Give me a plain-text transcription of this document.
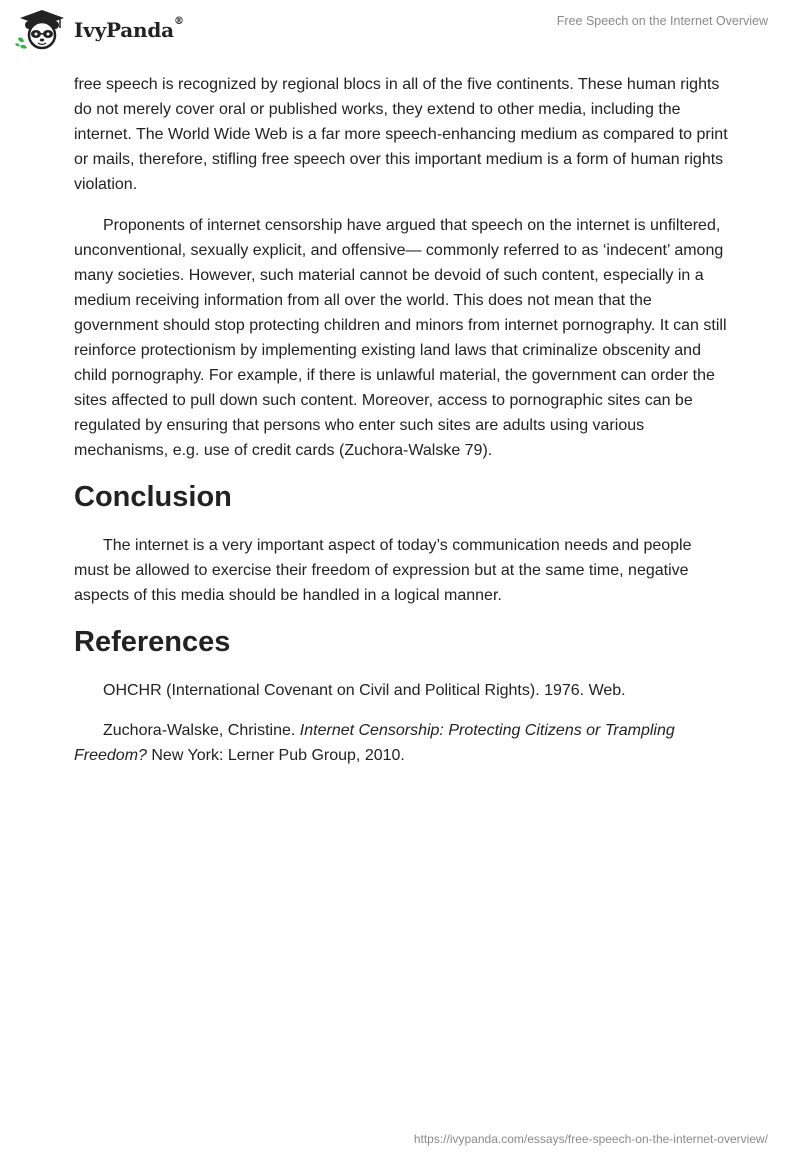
IvyPanda®	Free Speech on the Internet Overview

free speech is recognized by regional blocs in all of the five continents. These human rights do not merely cover oral or published works, they extend to other media, including the internet. The World Wide Web is a far more speech-enhancing medium as compared to print or mails, therefore, stifling free speech over this important medium is a form of human rights violation.

Proponents of internet censorship have argued that speech on the internet is unfiltered, unconventional, sexually explicit, and offensive— commonly referred to as ‘indecent’ among many societies. However, such material cannot be devoid of such content, especially in a medium receiving information from all over the world. This does not mean that the government should stop protecting children and minors from internet pornography. It can still reinforce protectionism by implementing existing land laws that criminalize obscenity and child pornography. For example, if there is unlawful material, the government can order the sites affected to pull down such content. Moreover, access to pornographic sites can be regulated by ensuring that persons who enter such sites are adults using various mechanisms, e.g. use of credit cards (Zuchora-Walske 79).

Conclusion

The internet is a very important aspect of today’s communication needs and people must be allowed to exercise their freedom of expression but at the same time, negative aspects of this media should be handled in a logical manner.

References

OHCHR (International Covenant on Civil and Political Rights). 1976. Web.

Zuchora-Walske, Christine. Internet Censorship: Protecting Citizens or Trampling Freedom? New York: Lerner Pub Group, 2010.

https://ivypanda.com/essays/free-speech-on-the-internet-overview/
